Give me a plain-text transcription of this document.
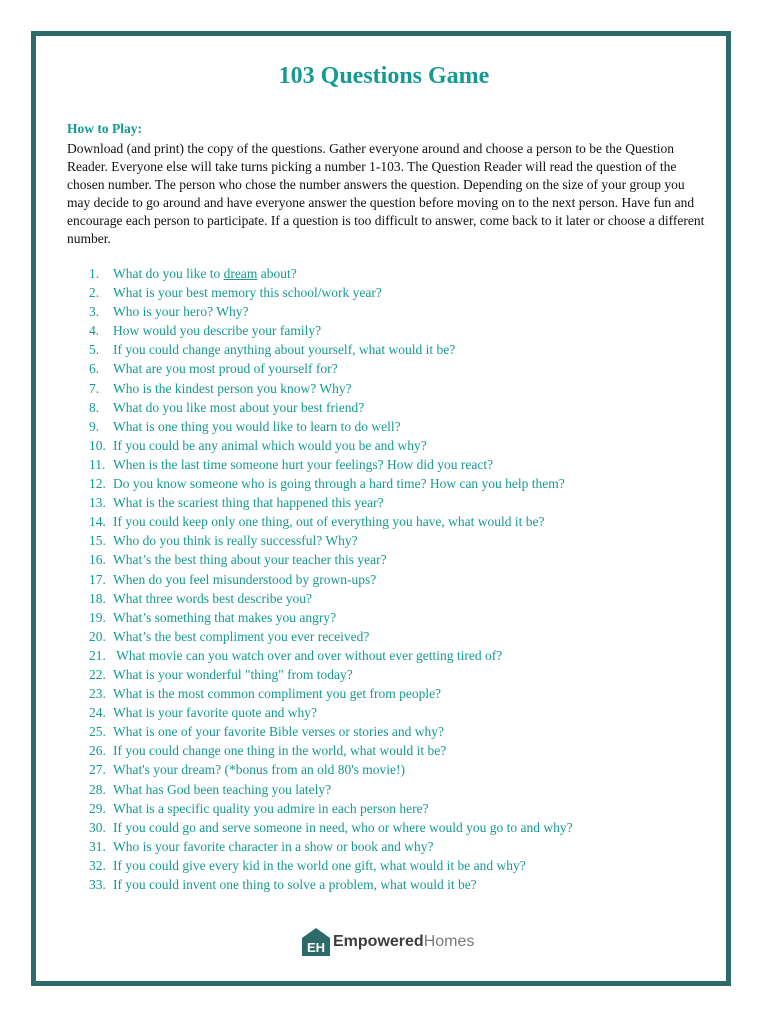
103 Questions Game
How to Play:

Download (and print) the copy of the questions. Gather everyone around and choose a person to be the Question Reader. Everyone else will take turns picking a number 1-103. The Question Reader will read the question of the chosen number. The person who chose the number answers the question. Depending on the size of your group you may decide to go around and have everyone answer the question before moving on to the next person. Have fun and encourage each person to participate. If a question is too difficult to answer, come back to it later or choose a different number.

1. What do you like to dream about?
2. What is your best memory this school/work year?
3. Who is your hero? Why?
4. How would you describe your family?
5. If you could change anything about yourself, what would it be?
6. What are you most proud of yourself for?
7. Who is the kindest person you know? Why?
8. What do you like most about your best friend?
9. What is one thing you would like to learn to do well?
10. If you could be any animal which would you be and why?
11. When is the last time someone hurt your feelings? How did you react?
12. Do you know someone who is going through a hard time? How can you help them?
13. What is the scariest thing that happened this year?
14. If you could keep only one thing, out of everything you have, what would it be?
15. Who do you think is really successful? Why?
16. What’s the best thing about your teacher this year?
17. When do you feel misunderstood by grown-ups?
18. What three words best describe you?
19. What’s something that makes you angry?
20. What’s the best compliment you ever received?
21. What movie can you watch over and over without ever getting tired of?
22. What is your wonderful "thing" from today?
23. What is the most common compliment you get from people?
24. What is your favorite quote and why?
25. What is one of your favorite Bible verses or stories and why?
26. If you could change one thing in the world, what would it be?
27. What's your dream? (*bonus from an old 80's movie!)
28. What has God been teaching you lately?
29. What is a specific quality you admire in each person here?
30. If you could go and serve someone in need, who or where would you go to and why?
31. Who is your favorite character in a show or book and why?
32. If you could give every kid in the world one gift, what would it be and why?
33. If you could invent one thing to solve a problem, what would it be?
EH EmpoweredHomes
